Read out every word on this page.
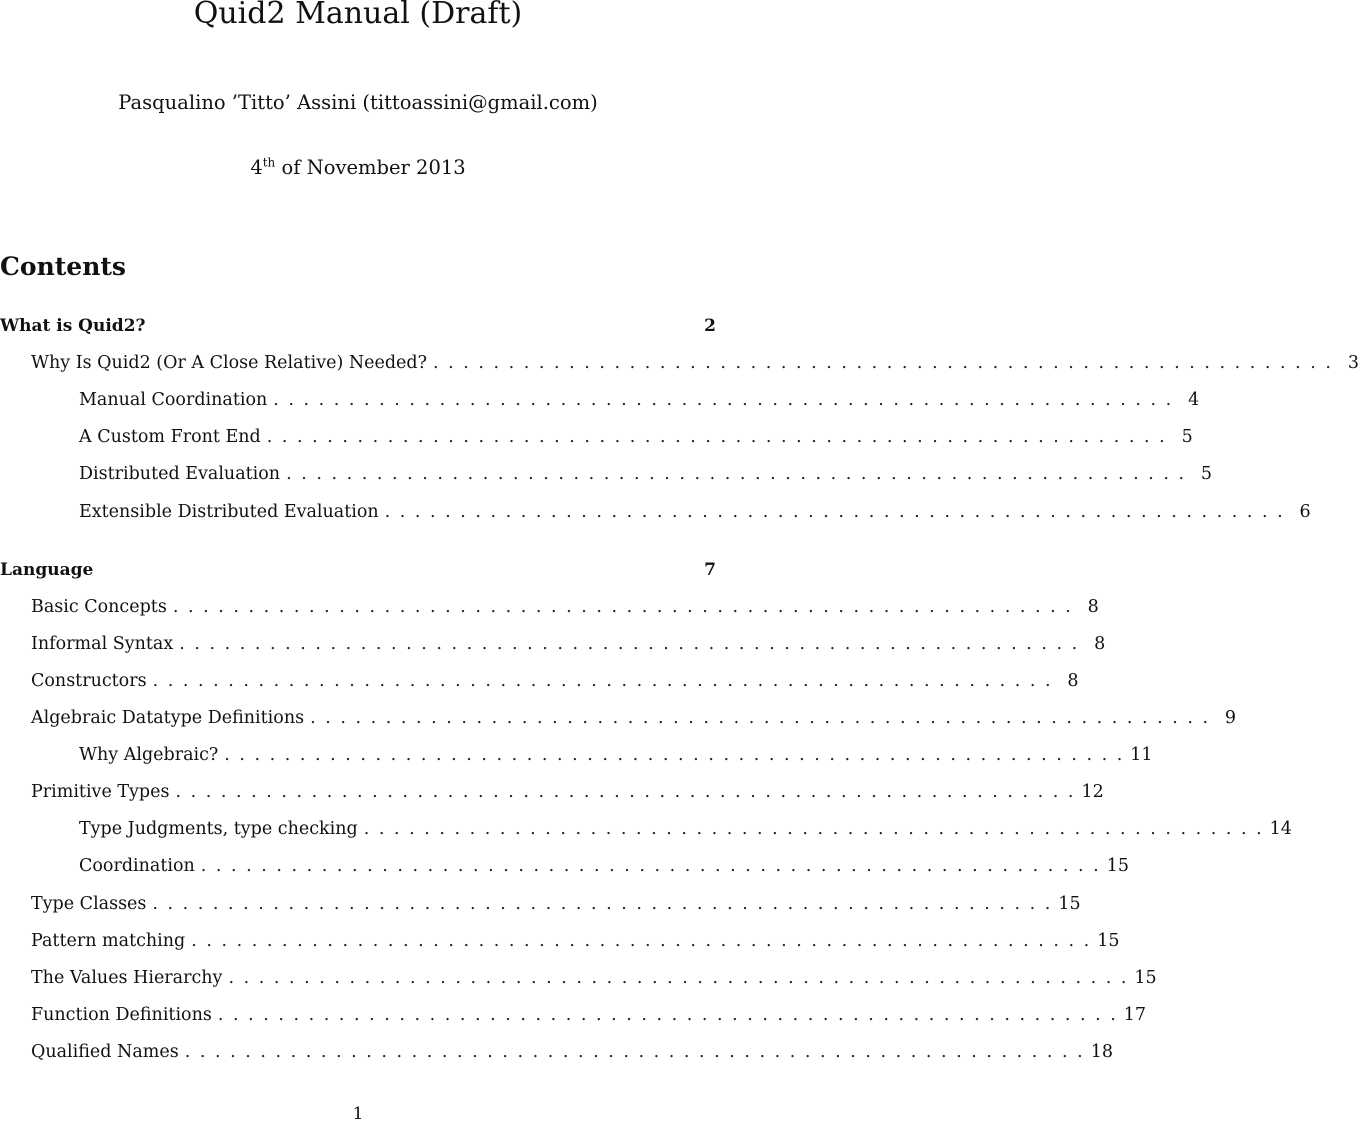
Quid2 Manual (Draft)
Pasqualino ’Titto’ Assini (tittoassini@gmail.com)
4th of November 2013
Contents
What is Quid2?	2
Why Is Quid2 (Or A Close Relative) Needed? . . . . . . . . . . . . . . . . . . . . . . . . . . . . . . . . . . . . . . . . . . . . . . . . . . . . . . . . . . . . 3
Manual Coordination . . . . . . . . . . . . . . . . . . . . . . . . . . . . . . . . . . . . . . . . . . . . . . . . . . . . . . . . . . . . 4
A Custom Front End . . . . . . . . . . . . . . . . . . . . . . . . . . . . . . . . . . . . . . . . . . . . . . . . . . . . . . . . . . . . 5
Distributed Evaluation . . . . . . . . . . . . . . . . . . . . . . . . . . . . . . . . . . . . . . . . . . . . . . . . . . . . . . . . . . . . 5
Extensible Distributed Evaluation . . . . . . . . . . . . . . . . . . . . . . . . . . . . . . . . . . . . . . . . . . . . . . . . . . . . . . . . . . . . 6
Language	7
Basic Concepts . . . . . . . . . . . . . . . . . . . . . . . . . . . . . . . . . . . . . . . . . . . . . . . . . . . . . . . . . . . . 8
Informal Syntax . . . . . . . . . . . . . . . . . . . . . . . . . . . . . . . . . . . . . . . . . . . . . . . . . . . . . . . . . . . . 8
Constructors . . . . . . . . . . . . . . . . . . . . . . . . . . . . . . . . . . . . . . . . . . . . . . . . . . . . . . . . . . . . 8
Algebraic Datatype Definitions . . . . . . . . . . . . . . . . . . . . . . . . . . . . . . . . . . . . . . . . . . . . . . . . . . . . . . . . . . . . 9
Why Algebraic? . . . . . . . . . . . . . . . . . . . . . . . . . . . . . . . . . . . . . . . . . . . . . . . . . . . . . . . . . . . . 11
Primitive Types . . . . . . . . . . . . . . . . . . . . . . . . . . . . . . . . . . . . . . . . . . . . . . . . . . . . . . . . . . . . 12
Type Judgments, type checking . . . . . . . . . . . . . . . . . . . . . . . . . . . . . . . . . . . . . . . . . . . . . . . . . . . . . . . . . . . . 14
Coordination . . . . . . . . . . . . . . . . . . . . . . . . . . . . . . . . . . . . . . . . . . . . . . . . . . . . . . . . . . . . 15
Type Classes . . . . . . . . . . . . . . . . . . . . . . . . . . . . . . . . . . . . . . . . . . . . . . . . . . . . . . . . . . . . 15
Pattern matching . . . . . . . . . . . . . . . . . . . . . . . . . . . . . . . . . . . . . . . . . . . . . . . . . . . . . . . . . . . . 15
The Values Hierarchy . . . . . . . . . . . . . . . . . . . . . . . . . . . . . . . . . . . . . . . . . . . . . . . . . . . . . . . . . . . . 15
Function Definitions . . . . . . . . . . . . . . . . . . . . . . . . . . . . . . . . . . . . . . . . . . . . . . . . . . . . . . . . . . . . 17
Qualified Names . . . . . . . . . . . . . . . . . . . . . . . . . . . . . . . . . . . . . . . . . . . . . . . . . . . . . . . . . . . . 18
1
